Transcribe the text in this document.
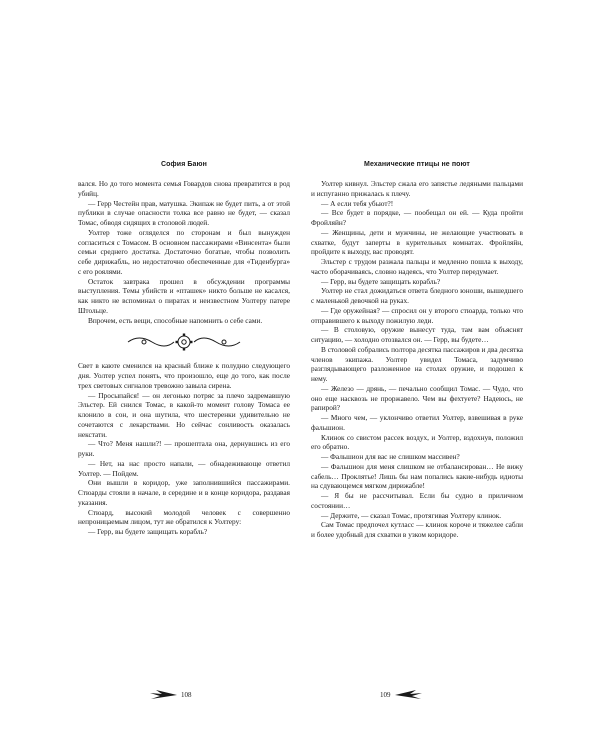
София Баюн

вался. Но до того момента семья Говардов снова превратится в род убийц.

— Герр Честейн прав, матушка. Экипаж не будет пить, а от этой публики в случае опасности толка все равно не будет, — сказал Томас, обводя сидящих в столовой людей.

Уолтер тоже огляделся по сторонам и был вынужден согласиться с Томасом. В основном пассажирами «Винсента» были семьи среднего достатка. Достаточно богатые, чтобы позволить себе дирижабль, но недостаточно обеспеченные для «Тиденбурга» с его роялями.

Остаток завтрака прошел в обсуждении программы выступления. Темы убийств и «пташек» никто больше не касался, как никто не вспоминал о пиратах и неизвестном Уолтеру патере Штольце.

Впрочем, есть вещи, способные напомнить о себе сами.

Свет в каюте сменился на красный ближе к полудню следующего дня. Уолтер успел понять, что произошло, еще до того, как после трех световых сигналов тревожно завыла сирена.

— Просыпайся! — он легонько потряс за плечо задремавшую Эльстер. Ей снился Томас, в какой-то момент голову Томаса ее клонило в сон, и она шутила, что шестеренки удивительно не сочетаются с лекарствами. Но сейчас сонливость оказалась некстати.

— Что? Меня нашли?! — прошептала она, дернувшись из его руки.

— Нет, на нас просто напали, — обнадеживающе ответил Уолтер. — Пойдем.

Они вышли в коридор, уже заполнившийся пассажирами. Стюарды стояли в начале, в середине и в конце коридора, раздавая указания.

Стюард, высокий молодой человек с совершенно непроницаемым лицом, тут же обратился к Уолтеру:

— Герр, вы будете защищать корабль?

Механические птицы не поют

Уолтер кивнул. Эльстер сжала его запястье ледяными пальцами и испуганно прижалась к плечу.

— А если тебя убьют?!

— Все будет в порядке, — пообещал он ей. — Куда пройти Фройляйн?

— Женщины, дети и мужчины, не желающие участвовать в схватке, будут заперты в курительных комнатах. Фройляйн, пройдите к выходу, вас проводят.

Эльстер с трудом разжала пальцы и медленно пошла к выходу, часто оборачиваясь, словно надеясь, что Уолтер передумает.

— Герр, вы будете защищать корабль?

Уолтер не стал дожидаться ответа бледного юноши, вышедшего с маленькой девочкой на руках.

— Где оружейная? — спросил он у второго стюарда, только что отправившего к выходу пожилую леди.

— В столовую, оружие вынесут туда, там вам объяснят ситуацию, — холодно отозвался он. — Герр, вы будете…

В столовой собрались полтора десятка пассажиров и два десятка членов экипажа. Уолтер увидел Томаса, задумчиво разглядывающего разложенное на столах оружие, и подошел к нему.

— Железо — дрянь, — печально сообщил Томас. — Чудо, что оно еще насквозь не проржавело. Чем вы фехтуете? Надеюсь, не рапирой?

— Много чем, — уклончиво ответил Уолтер, взвешивая в руке фальшион.

Клинок со свистом рассек воздух, и Уолтер, вздохнув, положил его обратно.

— Фальшион для вас не слишком массивен?

— Фальшион для меня слишком не отбалансирован… Не вижу сабель… Проклятье! Лишь бы нам попались какие-нибудь идиоты на сдувающемся мягком дирижабле!

— Я бы не рассчитывал. Если бы судно в приличном состоянии…

— Держите, — сказал Томас, протягивая Уолтеру клинок.

Сам Томас предпочел кутласс — клинок короче и тяжелее сабли и более удобный для схватки в узком коридоре.

108	109
